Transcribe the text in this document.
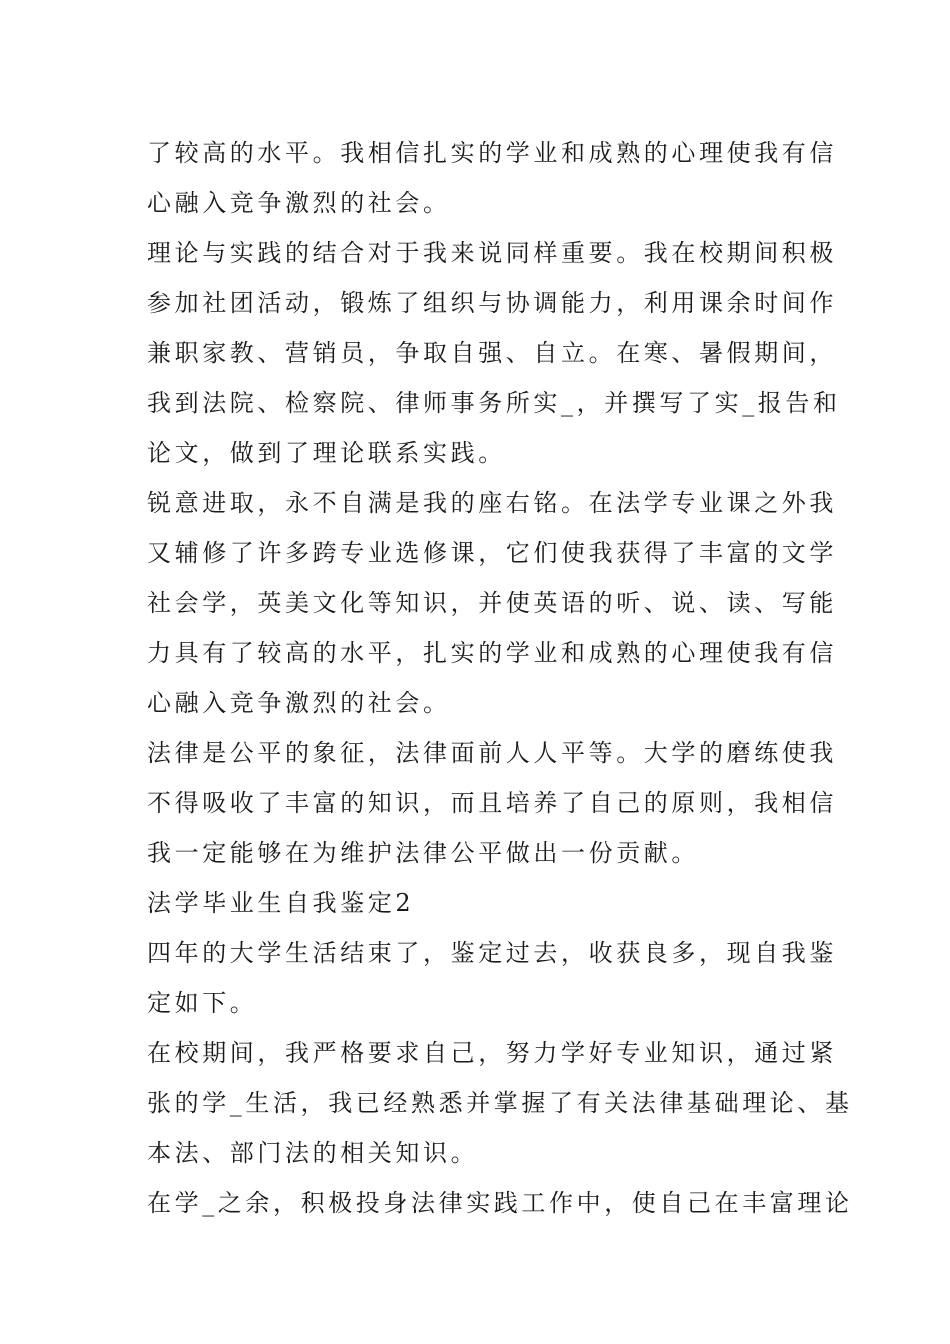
了较高的水平。我相信扎实的学业和成熟的心理使我有信
心融入竞争激烈的社会。
理论与实践的结合对于我来说同样重要。我在校期间积极
参加社团活动，锻炼了组织与协调能力，利用课余时间作
兼职家教、营销员，争取自强、自立。在寒、暑假期间，
我到法院、检察院、律师事务所实_，并撰写了实_报告和
论文，做到了理论联系实践。
锐意进取，永不自满是我的座右铭。在法学专业课之外我
又辅修了许多跨专业选修课，它们使我获得了丰富的文学
社会学，英美文化等知识，并使英语的听、说、读、写能
力具有了较高的水平，扎实的学业和成熟的心理使我有信
心融入竞争激烈的社会。
法律是公平的象征，法律面前人人平等。大学的磨练使我
不得吸收了丰富的知识，而且培养了自己的原则，我相信
我一定能够在为维护法律公平做出一份贡献。
法学毕业生自我鉴定2
四年的大学生活结束了，鉴定过去，收获良多，现自我鉴
定如下。
在校期间，我严格要求自己，努力学好专业知识，通过紧
张的学_生活，我已经熟悉并掌握了有关法律基础理论、基
本法、部门法的相关知识。
在学_之余，积极投身法律实践工作中，使自己在丰富理论
